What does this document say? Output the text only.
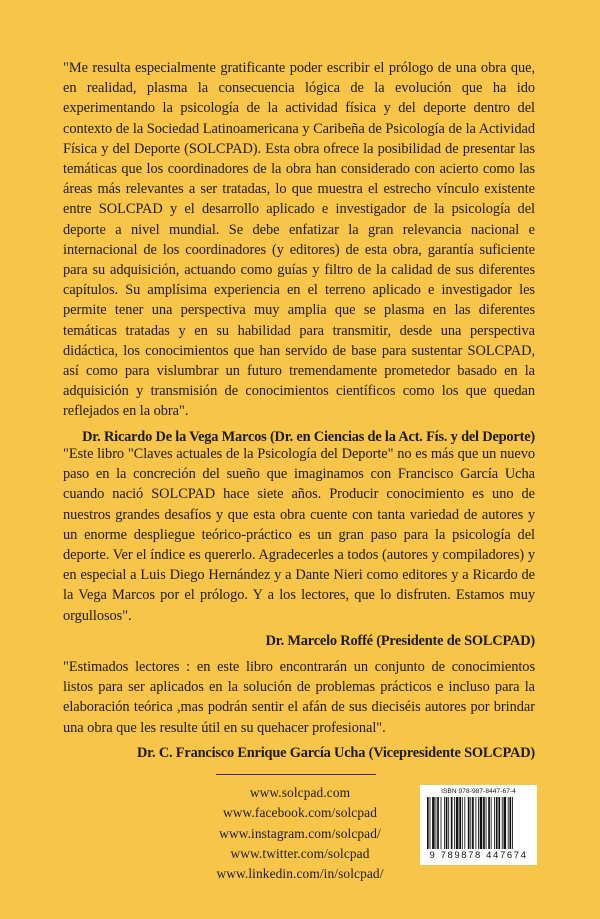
"Me resulta especialmente gratificante poder escribir el prólogo de una obra que, en realidad, plasma la consecuencia lógica de la evolución que ha ido experimentando la psicología de la actividad física y del deporte dentro del contexto de la Sociedad Latinoamericana y Caribeña de Psicología de la Actividad Física y del Deporte (SOLCPAD). Esta obra ofrece la posibilidad de presentar las temáticas que los coordinadores de la obra han considerado con acierto como las áreas más relevantes a ser tratadas, lo que muestra el estrecho vínculo existente entre SOLCPAD y el desarrollo aplicado e investigador de la psicología del deporte a nivel mundial. Se debe enfatizar la gran relevancia nacional e internacional de los coordinadores (y editores) de esta obra, garantía suficiente para su adquisición, actuando como guías y filtro de la calidad de sus diferentes capítulos. Su amplísima experiencia en el terreno aplicado e investigador les permite tener una perspectiva muy amplia que se plasma en las diferentes temáticas tratadas y en su habilidad para transmitir, desde una perspectiva didáctica, los conocimientos que han servido de base para sustentar SOLCPAD, así como para vislumbrar un futuro tremendamente prometedor basado en la adquisición y transmisión de conocimientos científicos como los que quedan reflejados en la obra".

Dr. Ricardo De la Vega Marcos (Dr. en Ciencias de la Act. Fís. y del Deporte)

"Este libro "Claves actuales de la Psicología del Deporte" no es más que un nuevo paso en la concreción del sueño que imaginamos con Francisco García Ucha cuando nació SOLCPAD hace siete años. Producir conocimiento es uno de nuestros grandes desafíos y que esta obra cuente con tanta variedad de autores y un enorme despliegue teórico-práctico es un gran paso para la psicología del deporte. Ver el índice es quererlo. Agradecerles a todos (autores y compiladores) y en especial a Luis Diego Hernández y a Dante Nieri como editores y a Ricardo de la Vega Marcos por el prólogo. Y a los lectores, que lo disfruten. Estamos muy orgullosos".

Dr. Marcelo Roffé (Presidente de SOLCPAD)

"Estimados lectores : en este libro encontrarán un conjunto de conocimientos listos para ser aplicados en la solución de problemas prácticos e incluso para la elaboración teórica ,mas podrán sentir el afán de sus dieciséis autores por brindar una obra que les resulte útil en su quehacer profesional".

Dr. C. Francisco Enrique García Ucha (Vicepresidente SOLCPAD)
www.solcpad.com
www.facebook.com/solcpad
www.instagram.com/solcpad/
www.twitter.com/solcpad
www.linkedin.com/in/solcpad/
ISBN 978-987-8447-67-4
9 789878 447674
